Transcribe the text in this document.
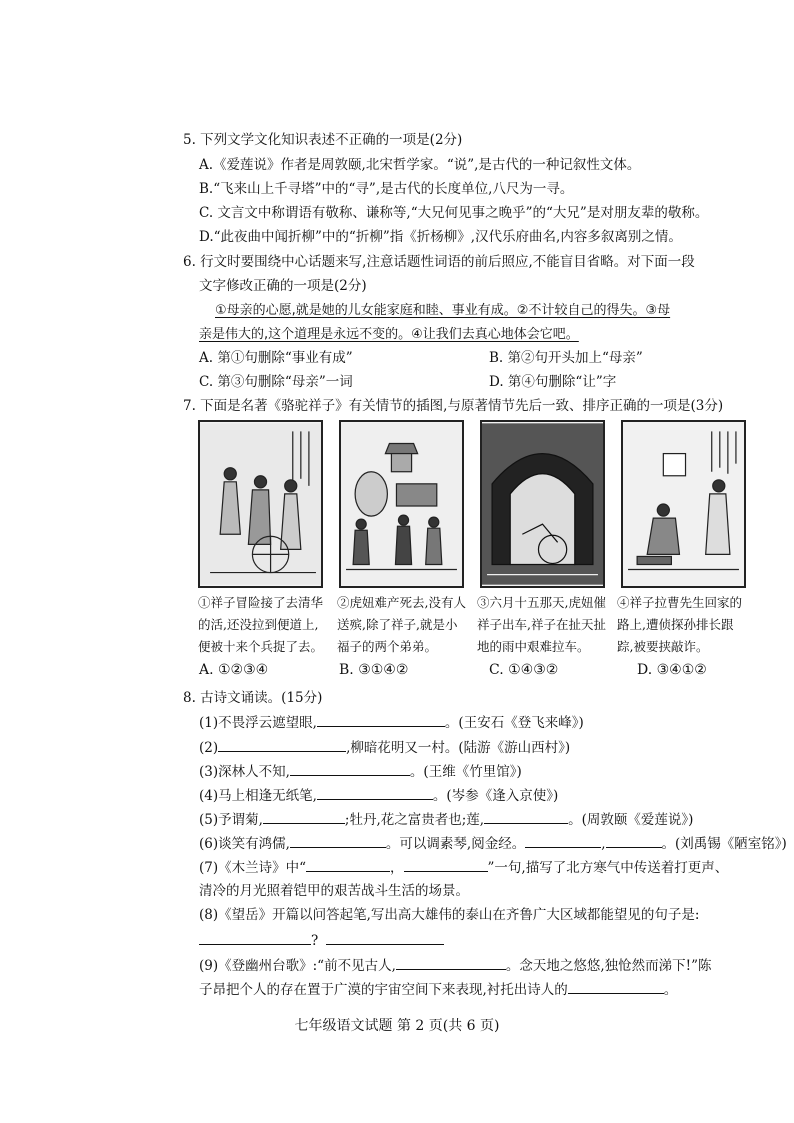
5. 下列文学文化知识表述不正确的一项是(2分)
A.《爱莲说》作者是周敦颐,北宋哲学家。“说”,是古代的一种记叙性文体。
B.“飞来山上千寻塔”中的“寻”,是古代的长度单位,八尺为一寻。
C. 文言文中称谓语有敬称、谦称等,“大兄何见事之晚乎”的“大兄”是对朋友辈的敬称。
D.“此夜曲中闻折柳”中的“折柳”指《折杨柳》,汉代乐府曲名,内容多叙离别之情。
6. 行文时要围绕中心话题来写,注意话题性词语的前后照应,不能盲目省略。对下面一段
文字修改正确的一项是(2分)
①母亲的心愿,就是她的儿女能家庭和睦、事业有成。②不计较自己的得失。③母
亲是伟大的,这个道理是永远不变的。④让我们去真心地体会它吧。
A. 第①句删除“事业有成”	B. 第②句开头加上“母亲”
C. 第③句删除“母亲”一词	D. 第④句删除“让”字
7. 下面是名著《骆驼祥子》有关情节的插图,与原著情节先后一致、排序正确的一项是(3分)
①祥子冒险接了去清华的活,还没拉到便道上,便被十来个兵捉了去。
②虎妞难产死去,没有人送殡,除了祥子,就是小福子的两个弟弟。
③六月十五那天,虎妞催祥子出车,祥子在扯天扯地的雨中艰难拉车。
④祥子拉曹先生回家的路上,遭侦探孙排长跟踪,被要挟敲诈。
A. ①②③④	B. ③①④②	C. ①④③②	D. ③④①②
8. 古诗文诵读。(15分)
(1)不畏浮云遮望眼,	。(王安石《登飞来峰》)
(2)	,柳暗花明又一村。(陆游《游山西村》)
(3)深林人不知,	。(王维《竹里馆》)
(4)马上相逢无纸笔,	。(岑参《逢入京使》)
(5)予谓菊,	;牡丹,花之富贵者也;莲,	。(周敦颐《爱莲说》)
(6)谈笑有鸿儒,	。可以调素琴,阅金经。	,	。(刘禹锡《陋室铭》)
(7)《木兰诗》中“	，	”一句,描写了北方寒气中传送着打更声、
清冷的月光照着铠甲的艰苦战斗生活的场景。
(8)《望岳》开篇以问答起笔,写出高大雄伟的泰山在齐鲁广大区域都能望见的句子是:
?
(9)《登幽州台歌》:“前不见古人,	。念天地之悠悠,独怆然而涕下!”陈
子昂把个人的存在置于广漠的宇宙空间下来表现,衬托出诗人的	。
七年级语文试题 第 2 页(共 6 页)
